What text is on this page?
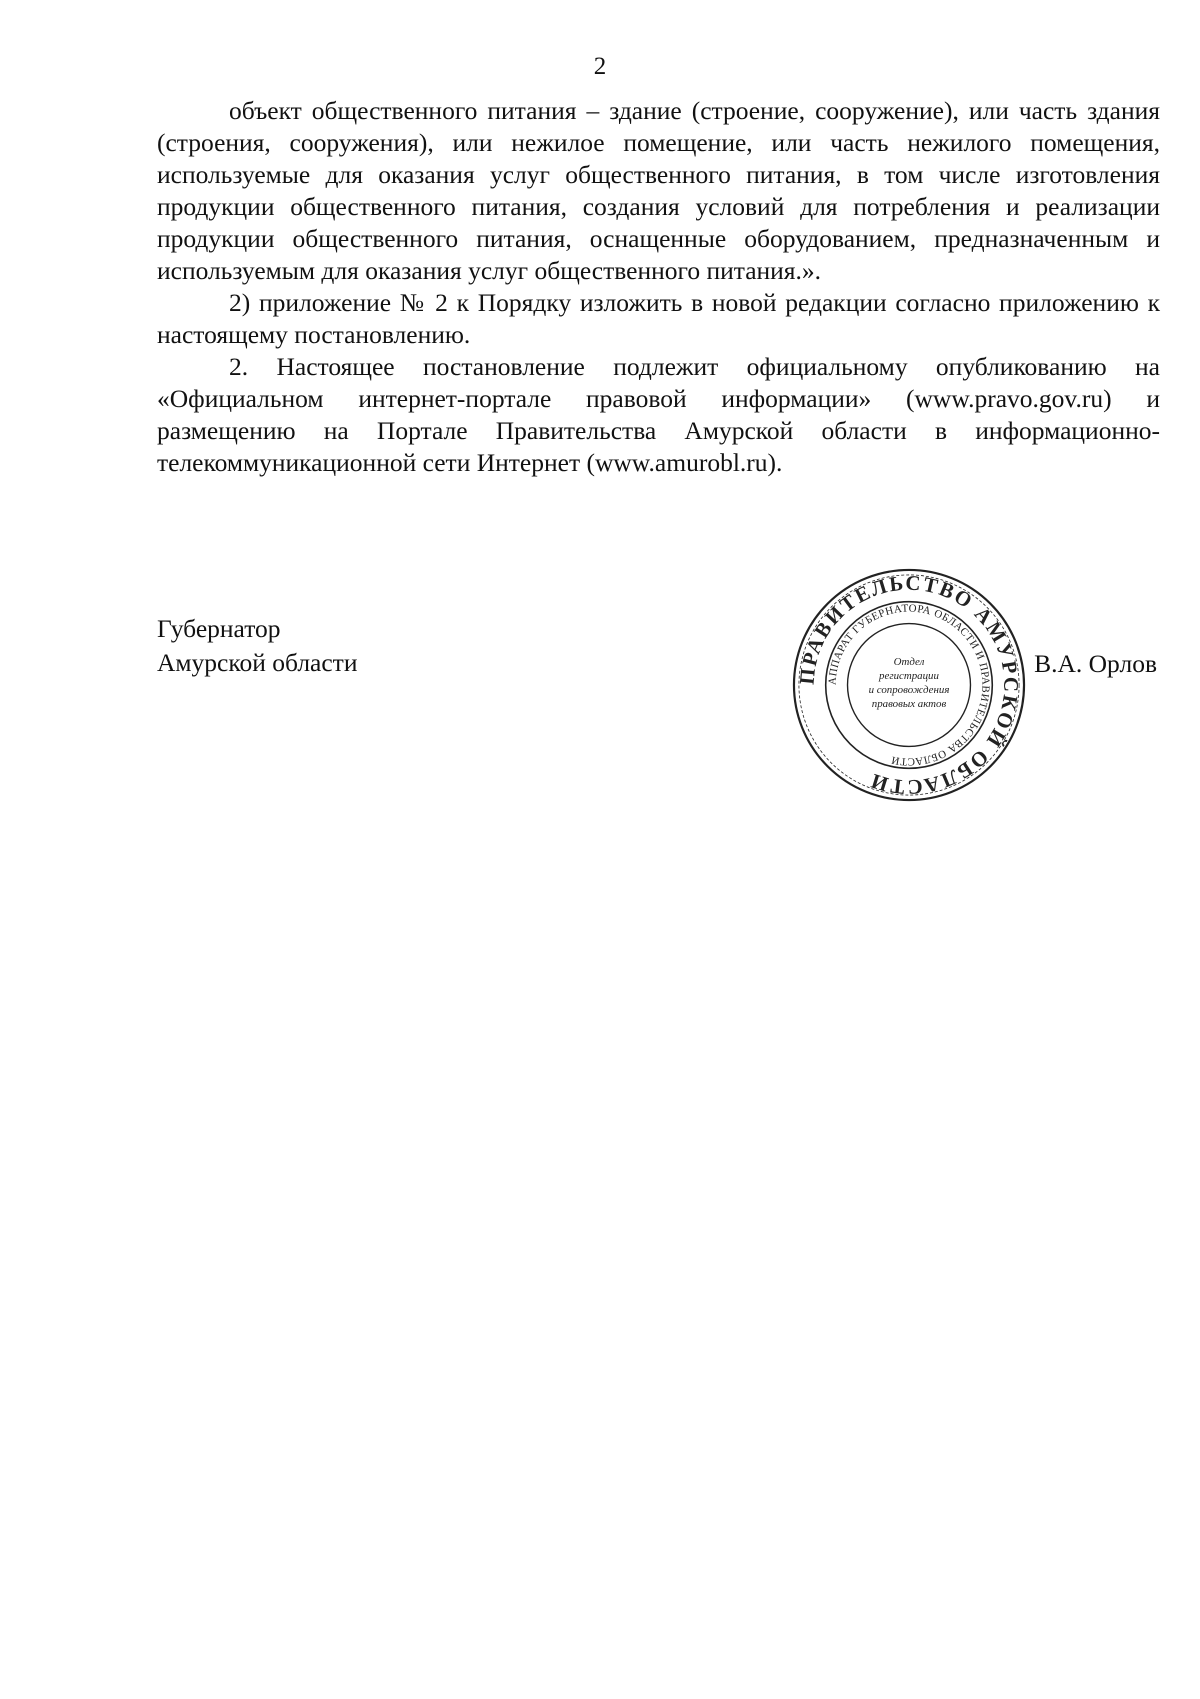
2

объект общественного питания – здание (строение, сооружение), или часть здания (строения, сооружения), или нежилое помещение, или часть нежилого помещения, используемые для оказания услуг общественного питания, в том числе изготовления продукции общественного питания, создания условий для потребления и реализации продукции общественного питания, оснащенные оборудованием, предназначенным и используемым для оказания услуг общественного питания.».

2) приложение № 2 к Порядку изложить в новой редакции согласно приложению к настоящему постановлению.

2. Настоящее постановление подлежит официальному опубликованию на «Официальном интернет-портале правовой информации» (www.pravo.gov.ru) и размещению на Портале Правительства Амурской области в информационно-телекоммуникационной сети Интернет (www.amurobl.ru).

Губернатор
Амурской области	ПРАВИТЕЛЬСТВО АМУРСКОЙ ОБЛАСТИ
АППАРАТ ГУБЕРНАТОРА ОБЛАСТИ И ПРАВИТЕЛЬСТВА ОБЛАСТИ
Отдел
регистрации
и сопровождения
правовых актов
В.А. Орлов
